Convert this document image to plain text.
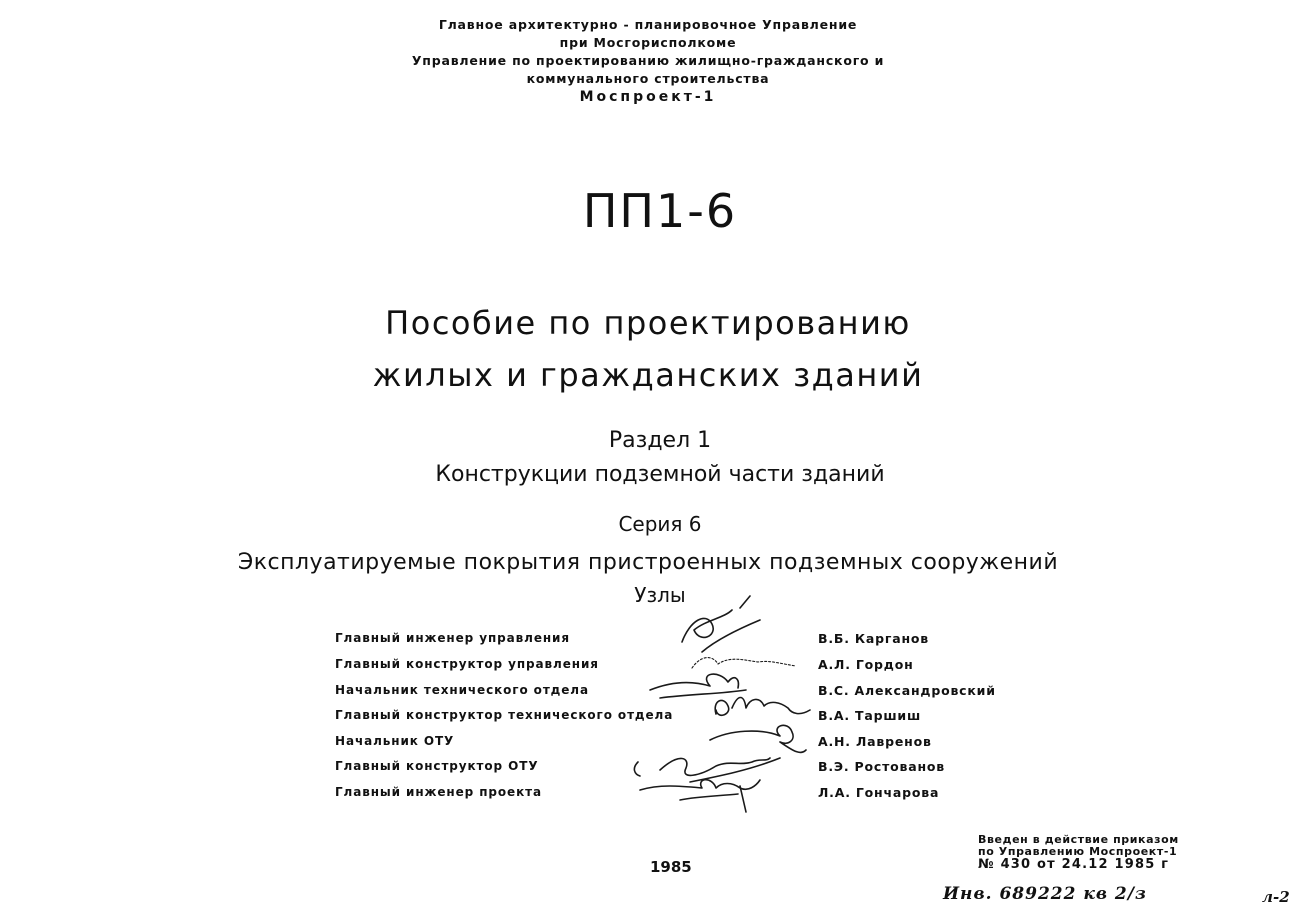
Главное архитектурно - планировочное Управление
при Мосгорисполкоме
Управление по проектированию жилищно-гражданского и
коммунального строительства
Моспроект-1
ПП1-6
Пособие по проектированию
жилых и гражданских зданий
Раздел 1
Конструкции подземной части зданий
Серия 6
Эксплуатируемые покрытия пристроенных подземных сооружений
Узлы
Главный инженер управления	В.Б. Карганов
Главный конструктор управления	А.Л. Гордон
Начальник технического отдела	В.С. Александровский
Главный конструктор технического отдела	В.А. Таршиш
Начальник ОТУ	А.Н. Лавренов
Главный конструктор ОТУ	В.Э. Ростованов
Главный инженер проекта	Л.А. Гончарова
1985
Введен в действие приказом
по Управлению Моспроект-1
№ 430 от 24.12 1985 г
Инв. 689222 кв 2/з	л-2
